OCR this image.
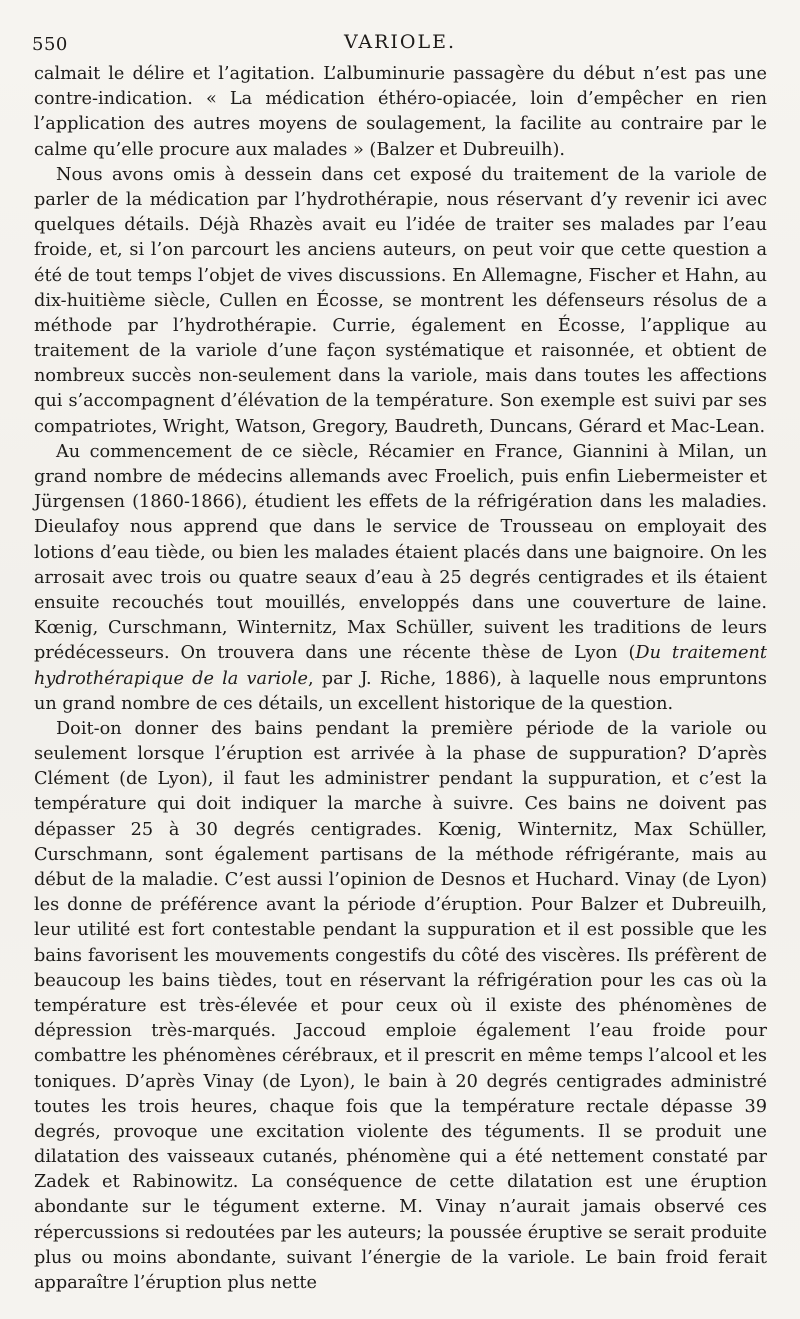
550	VARIOLE.

calmait le délire et l’agitation. L’albuminurie passagère du début n’est pas une contre-indication. « La médication éthéro-opiacée, loin d’empêcher en rien l’application des autres moyens de soulagement, la facilite au contraire par le calme qu’elle procure aux malades » (Balzer et Dubreuilh).

Nous avons omis à dessein dans cet exposé du traitement de la variole de parler de la médication par l’hydrothérapie, nous réservant d’y revenir ici avec quelques détails. Déjà Rhazès avait eu l’idée de traiter ses malades par l’eau froide, et, si l’on parcourt les anciens auteurs, on peut voir que cette question a été de tout temps l’objet de vives discussions. En Allemagne, Fischer et Hahn, au dix-huitième siècle, Cullen en Écosse, se montrent les défenseurs résolus de a méthode par l’hydrothérapie. Currie, également en Écosse, l’applique au traitement de la variole d’une façon systématique et raisonnée, et obtient de nombreux succès non-seulement dans la variole, mais dans toutes les affections qui s’accompagnent d’élévation de la température. Son exemple est suivi par ses compatriotes, Wright, Watson, Gregory, Baudreth, Duncans, Gérard et Mac-Lean.

Au commencement de ce siècle, Récamier en France, Giannini à Milan, un grand nombre de médecins allemands avec Froelich, puis enfin Liebermeister et Jürgensen (1860-1866), étudient les effets de la réfrigération dans les maladies. Dieulafoy nous apprend que dans le service de Trousseau on employait des lotions d’eau tiède, ou bien les malades étaient placés dans une baignoire. On les arrosait avec trois ou quatre seaux d’eau à 25 degrés centigrades et ils étaient ensuite recouchés tout mouillés, enveloppés dans une couverture de laine. Kœnig, Curschmann, Winternitz, Max Schüller, suivent les traditions de leurs prédécesseurs. On trouvera dans une récente thèse de Lyon (Du traitement hydrothérapique de la variole, par J. Riche, 1886), à laquelle nous empruntons un grand nombre de ces détails, un excellent historique de la question.

Doit-on donner des bains pendant la première période de la variole ou seulement lorsque l’éruption est arrivée à la phase de suppuration? D’après Clément (de Lyon), il faut les administrer pendant la suppuration, et c’est la température qui doit indiquer la marche à suivre. Ces bains ne doivent pas dépasser 25 à 30 degrés centigrades. Kœnig, Winternitz, Max Schüller, Curschmann, sont également partisans de la méthode réfrigérante, mais au début de la maladie. C’est aussi l’opinion de Desnos et Huchard. Vinay (de Lyon) les donne de préférence avant la période d’éruption. Pour Balzer et Dubreuilh, leur utilité est fort contestable pendant la suppuration et il est possible que les bains favorisent les mouvements congestifs du côté des viscères. Ils préfèrent de beaucoup les bains tièdes, tout en réservant la réfrigération pour les cas où la température est très-élevée et pour ceux où il existe des phénomènes de dépression très-marqués. Jaccoud emploie également l’eau froide pour combattre les phénomènes cérébraux, et il prescrit en même temps l’alcool et les toniques. D’après Vinay (de Lyon), le bain à 20 degrés centigrades administré toutes les trois heures, chaque fois que la température rectale dépasse 39 degrés, provoque une excitation violente des téguments. Il se produit une dilatation des vaisseaux cutanés, phénomène qui a été nettement constaté par Zadek et Rabinowitz. La conséquence de cette dilatation est une éruption abondante sur le tégument externe. M. Vinay n’aurait jamais observé ces répercussions si redoutées par les auteurs; la poussée éruptive se serait produite plus ou moins abondante, suivant l’énergie de la variole. Le bain froid ferait apparaître l’éruption plus nette
